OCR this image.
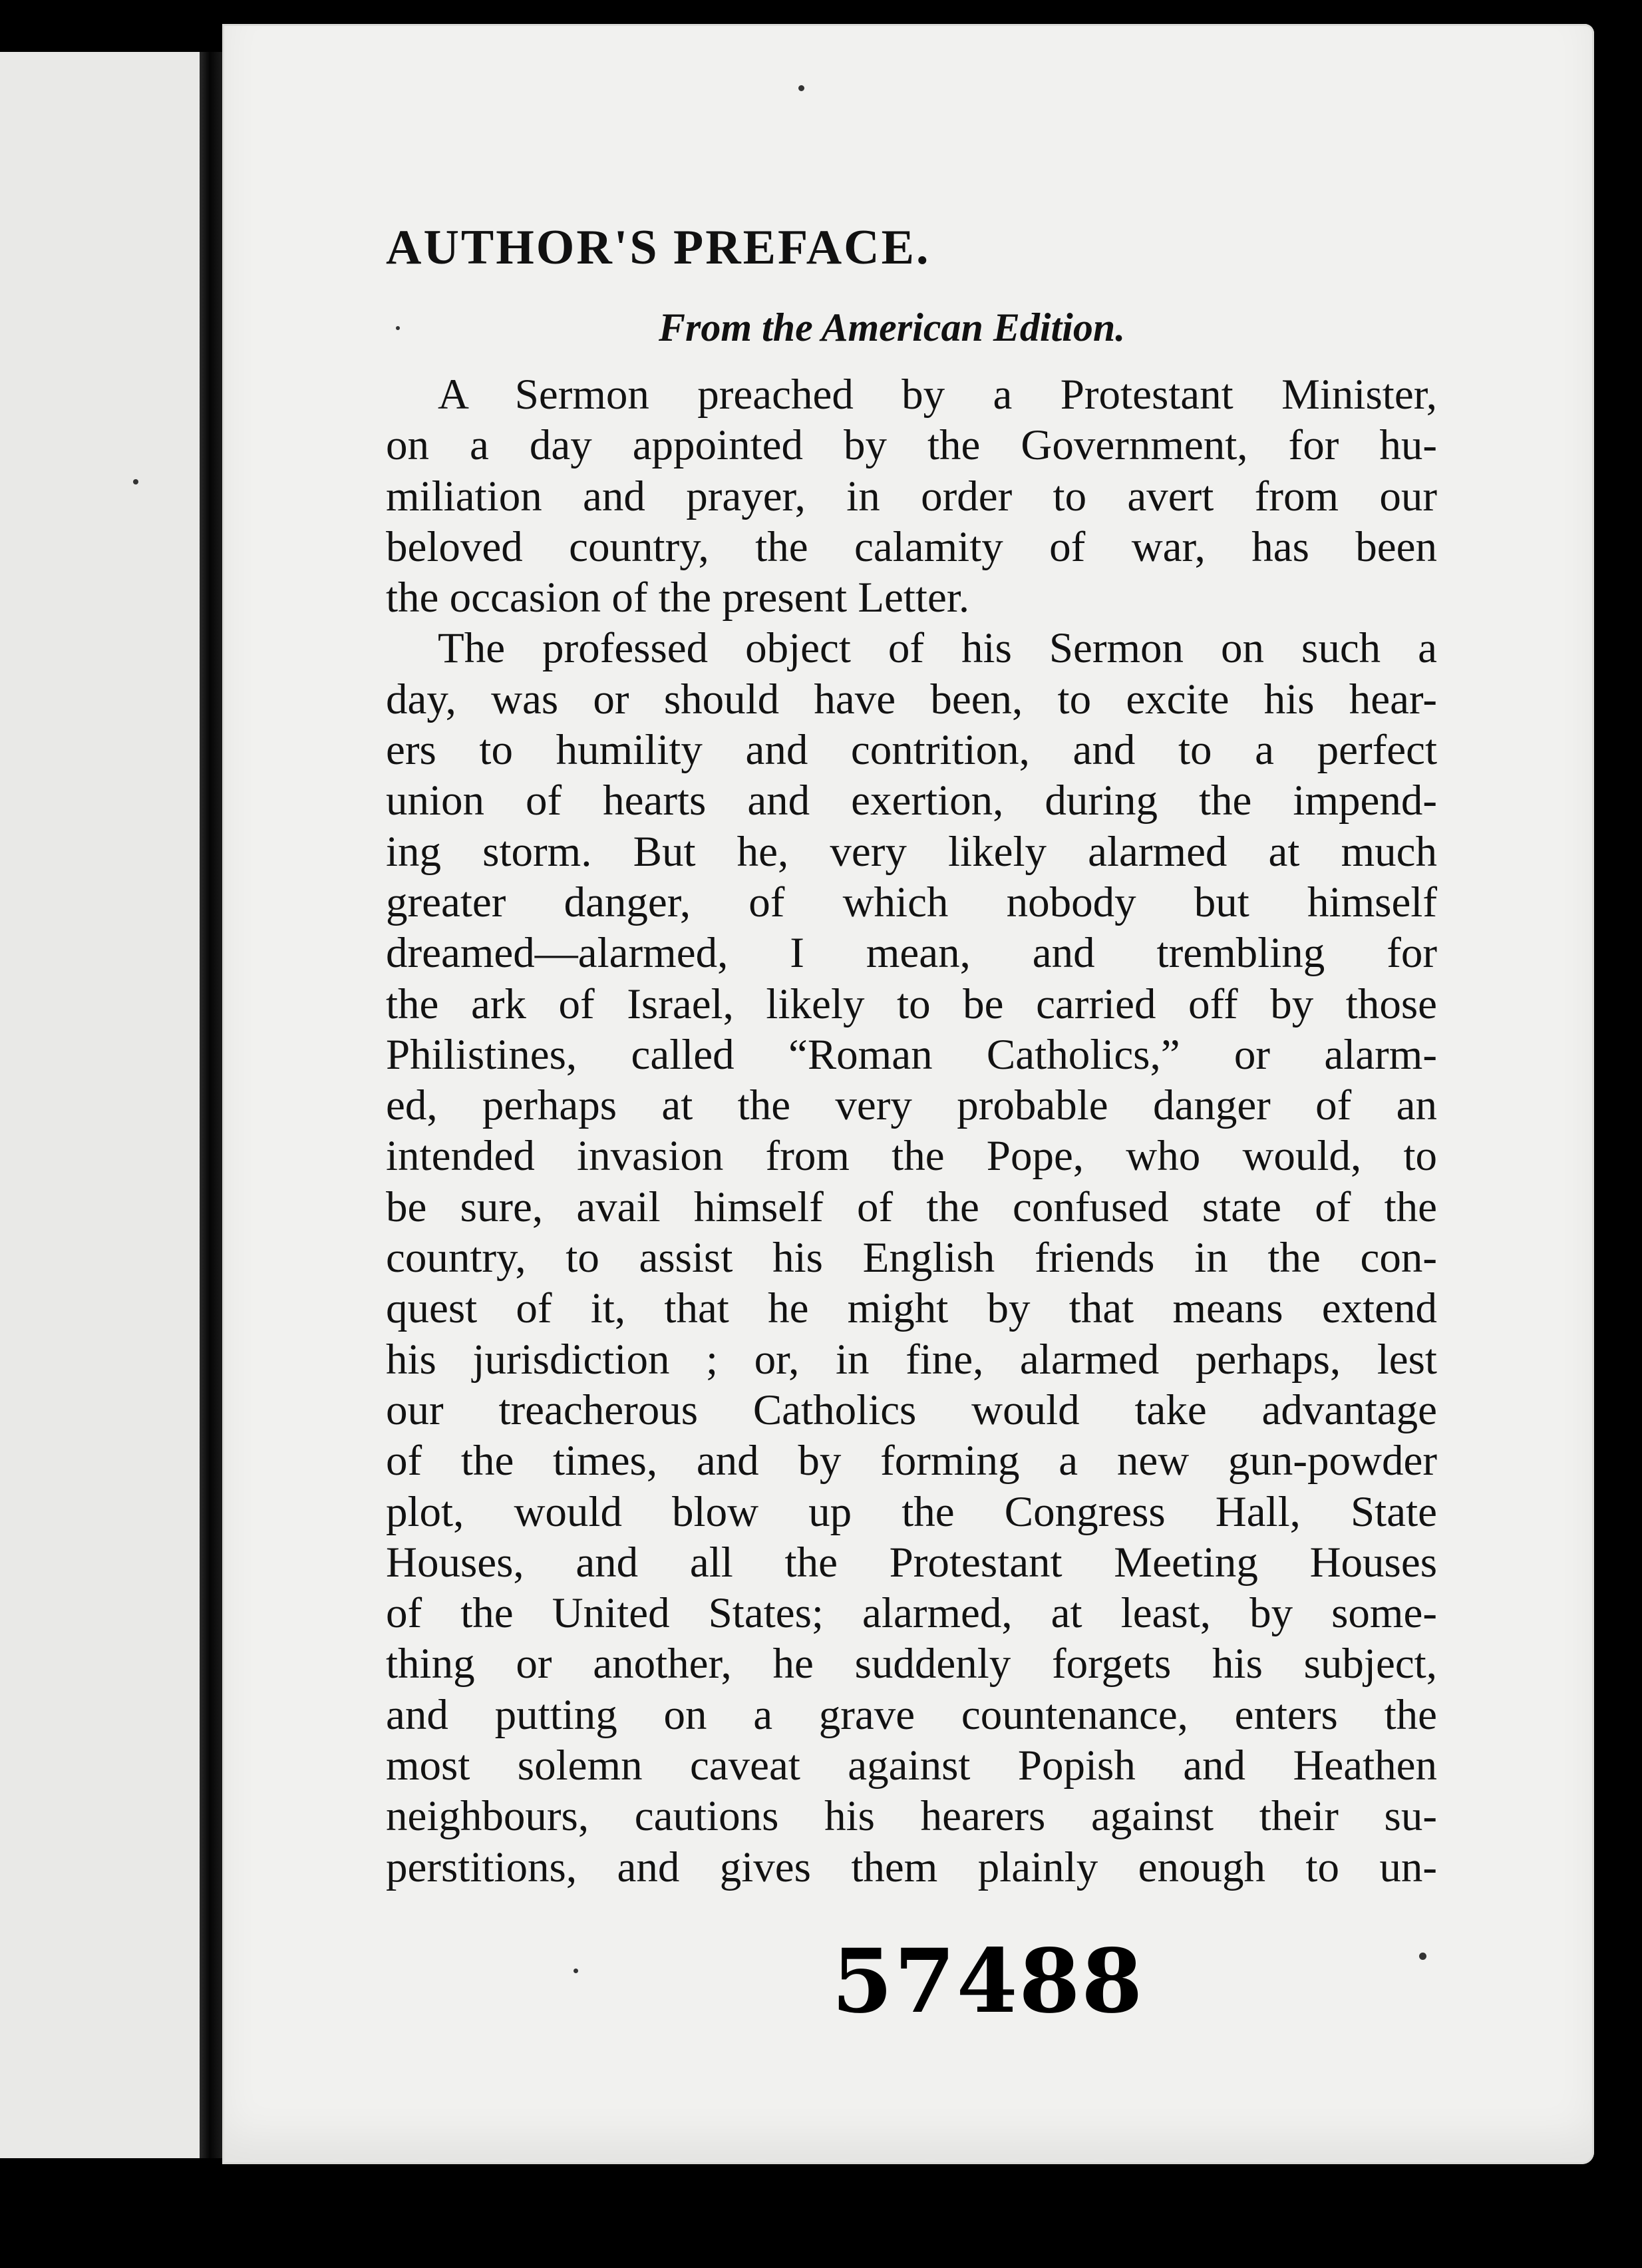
AUTHOR'S PREFACE.
From the American Edition.
A Sermon preached by a Protestant Minister,
on a day appointed by the Government, for hu-
miliation and prayer, in order to avert from our
beloved country, the calamity of war, has been
the occasion of the present Letter.
The professed object of his Sermon on such a
day, was or should have been, to excite his hear-
ers to humility and contrition, and to a perfect
union of hearts and exertion, during the impend-
ing storm. But he, very likely alarmed at much
greater danger, of which nobody but himself
dreamed—alarmed, I mean, and trembling for
the ark of Israel, likely to be carried off by those
Philistines, called “Roman Catholics,” or alarm-
ed, perhaps at the very probable danger of an
intended invasion from the Pope, who would, to
be sure, avail himself of the confused state of the
country, to assist his English friends in the con-
quest of it, that he might by that means extend
his jurisdiction ; or, in fine, alarmed perhaps, lest
our treacherous Catholics would take advantage
of the times, and by forming a new gun-powder
plot, would blow up the Congress Hall, State
Houses, and all the Protestant Meeting Houses
of the United States; alarmed, at least, by some-
thing or another, he suddenly forgets his subject,
and putting on a grave countenance, enters the
most solemn caveat against Popish and Heathen
neighbours, cautions his hearers against their su-
perstitions, and gives them plainly enough to un-
57488
